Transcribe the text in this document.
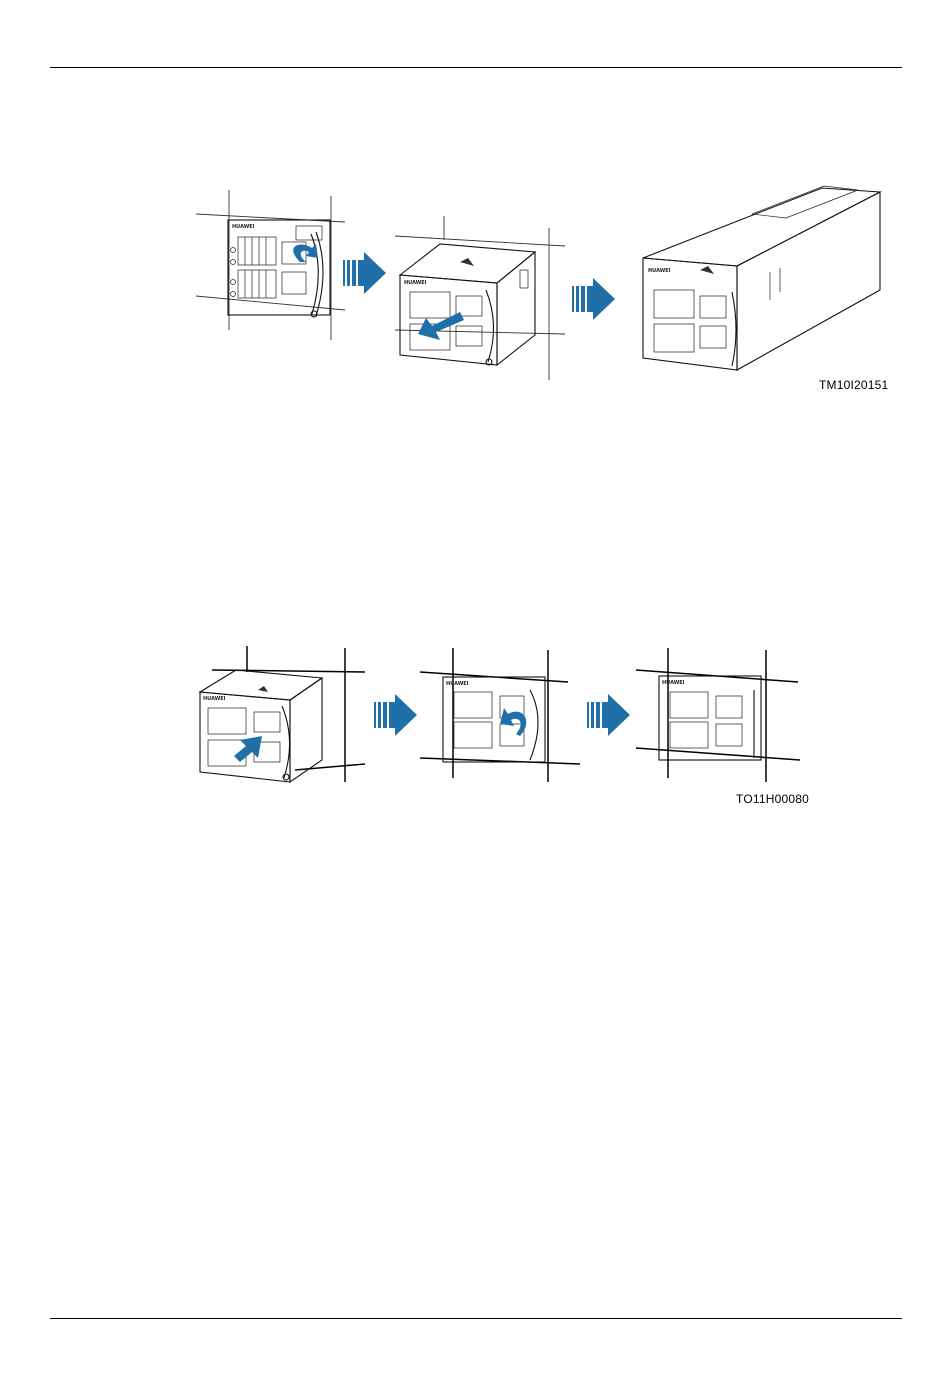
HUAWEI
HUAWEI
HUAWEI
TM10I20151
HUAWEI
HUAWEI	HUAWEI
TO11H00080
